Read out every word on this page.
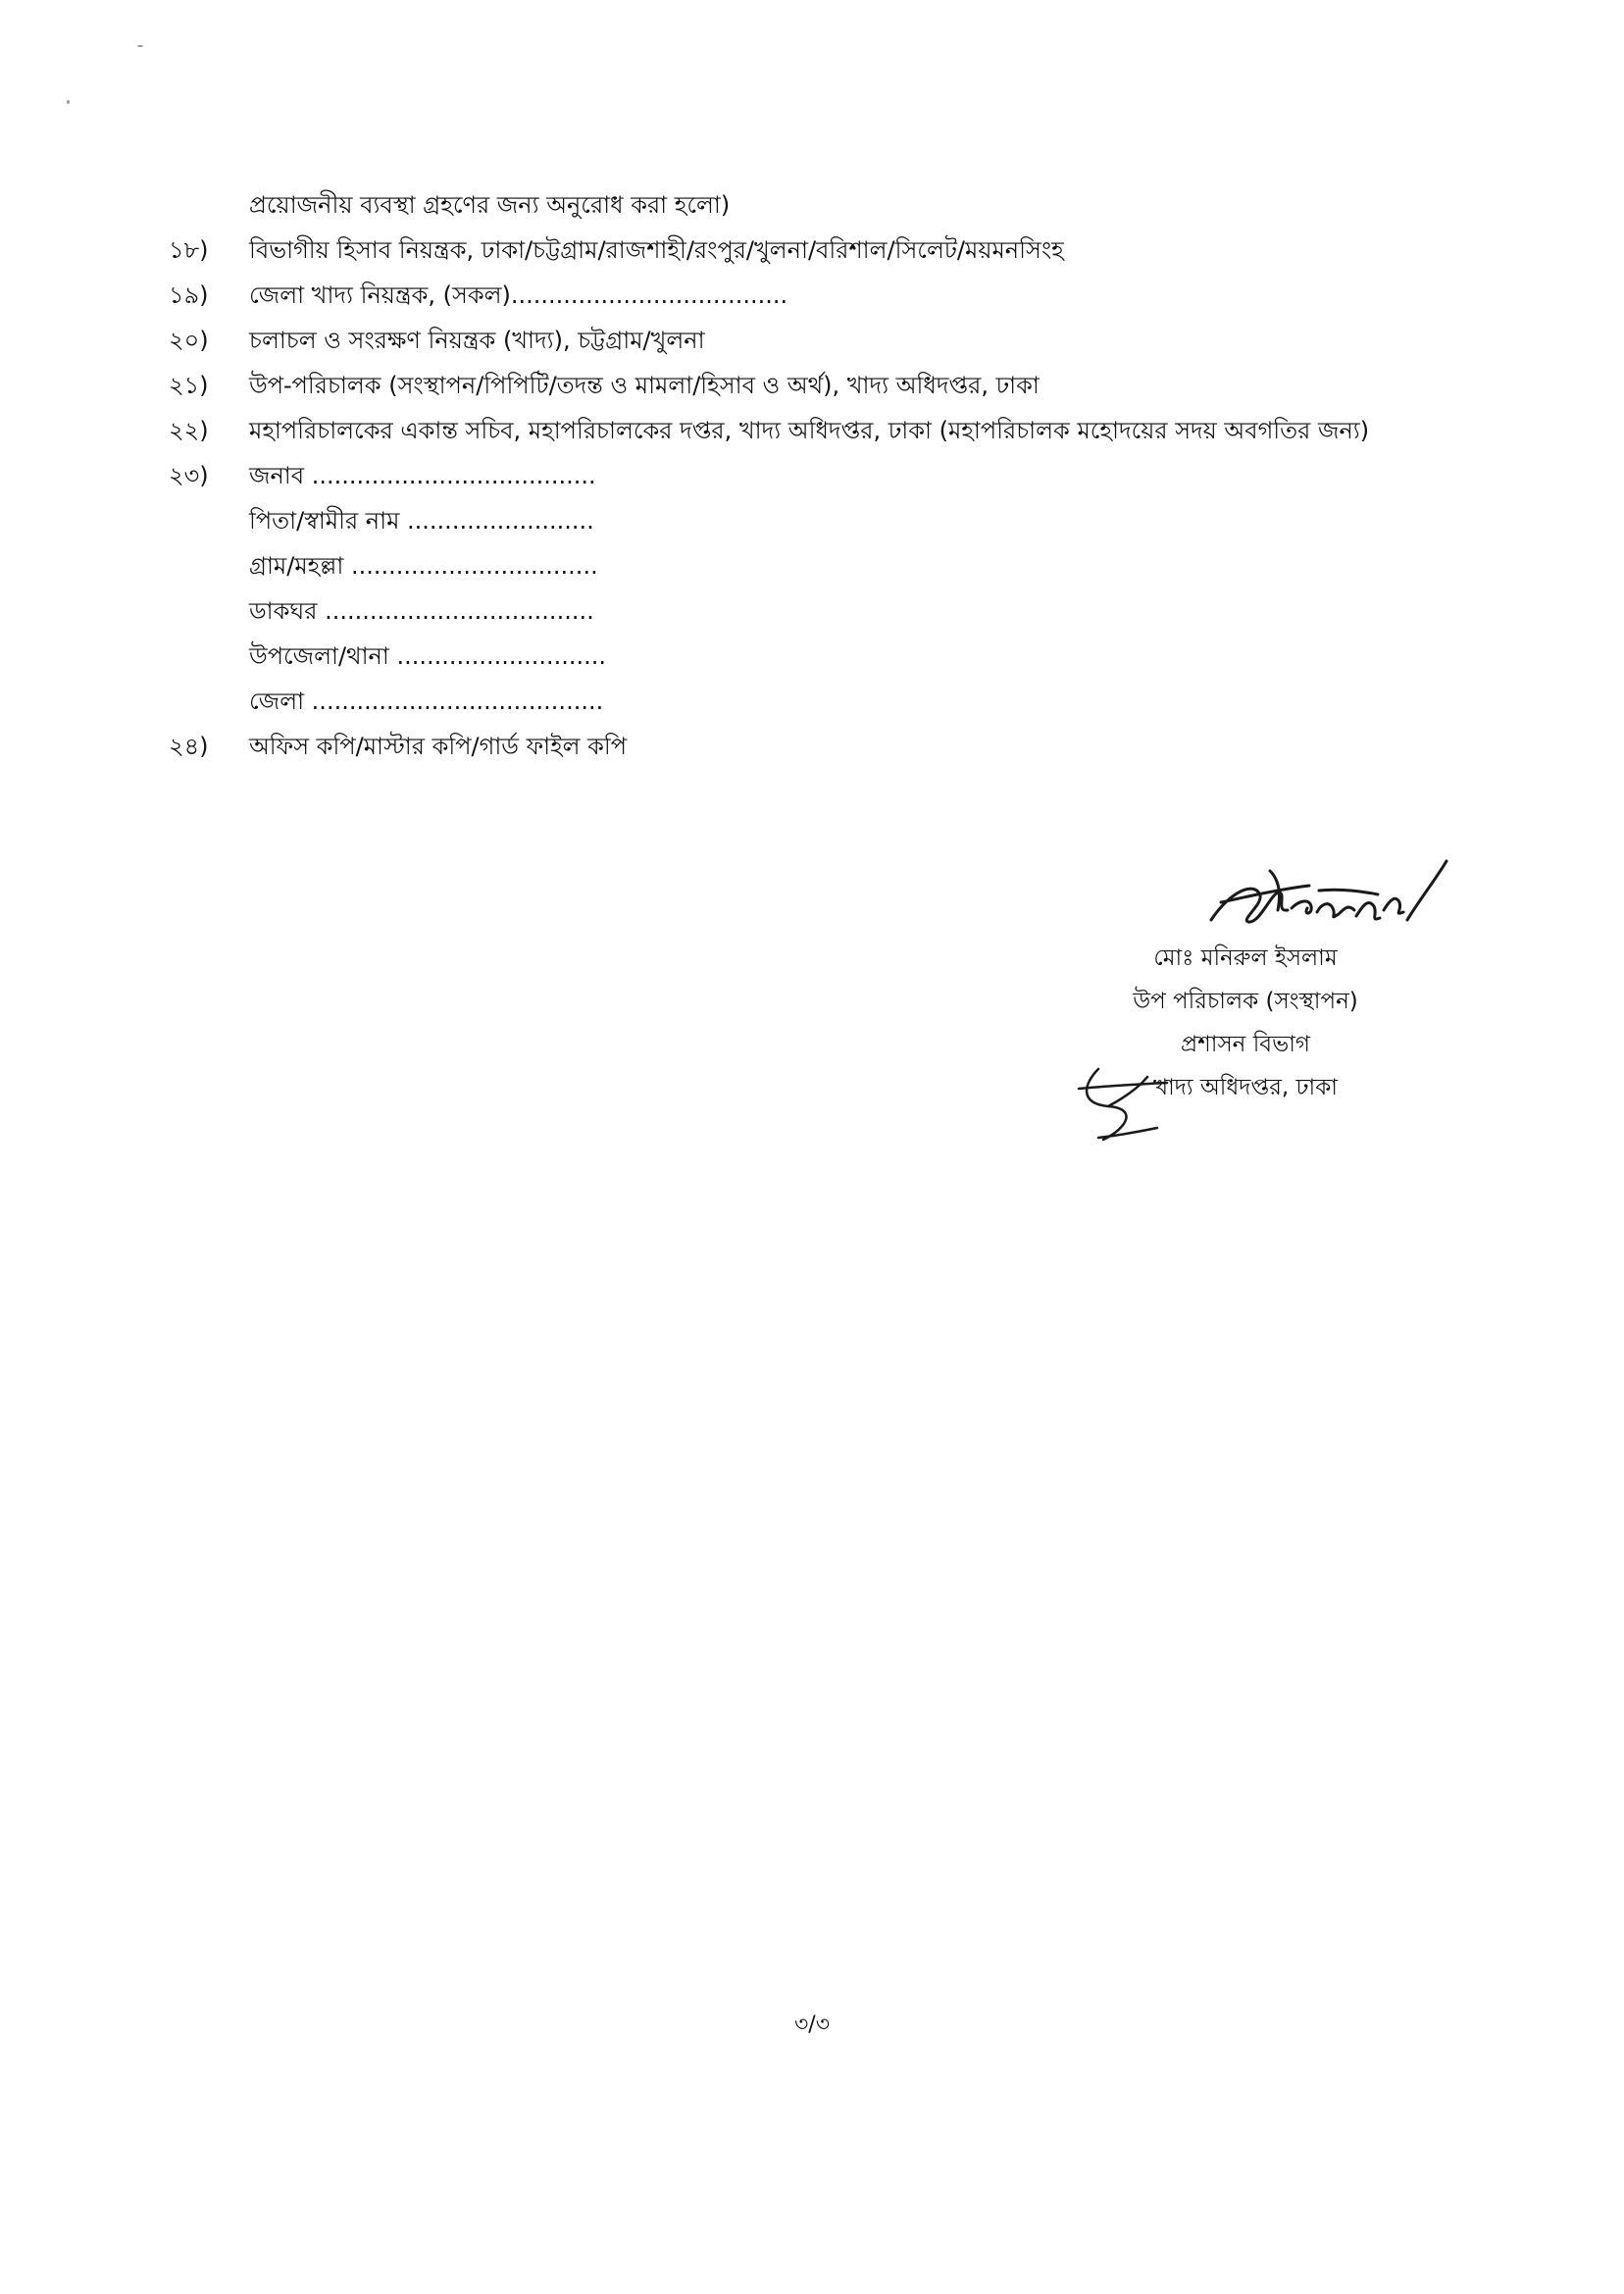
প্রয়োজনীয় ব্যবস্থা গ্রহণের জন্য অনুরোধ করা হলো)
১৮)	বিভাগীয় হিসাব নিয়ন্ত্রক, ঢাকা/চট্টগ্রাম/রাজশাহী/রংপুর/খুলনা/বরিশাল/সিলেট/ময়মনসিংহ
১৯)	জেলা খাদ্য নিয়ন্ত্রক, (সকল).....................................
২০)	চলাচল ও সংরক্ষণ নিয়ন্ত্রক (খাদ্য), চট্টগ্রাম/খুলনা
২১)	উপ-পরিচালক (সংস্থাপন/পিপিটি/তদন্ত ও মামলা/হিসাব ও অর্থ), খাদ্য অধিদপ্তর, ঢাকা
২২)	মহাপরিচালকের একান্ত সচিব, মহাপরিচালকের দপ্তর, খাদ্য অধিদপ্তর, ঢাকা (মহাপরিচালক মহোদয়ের সদয় অবগতির জন্য)
২৩)	জনাব ......................................
পিতা/স্বামীর নাম .........................
গ্রাম/মহল্লা .................................
ডাকঘর ....................................
উপজেলা/থানা ............................
জেলা .......................................
২৪)	অফিস কপি/মাস্টার কপি/গার্ড ফাইল কপি
মোঃ মনিরুল ইসলাম
উপ পরিচালক (সংস্থাপন)
প্রশাসন বিভাগ
খাদ্য অধিদপ্তর, ঢাকা
৩/৩
